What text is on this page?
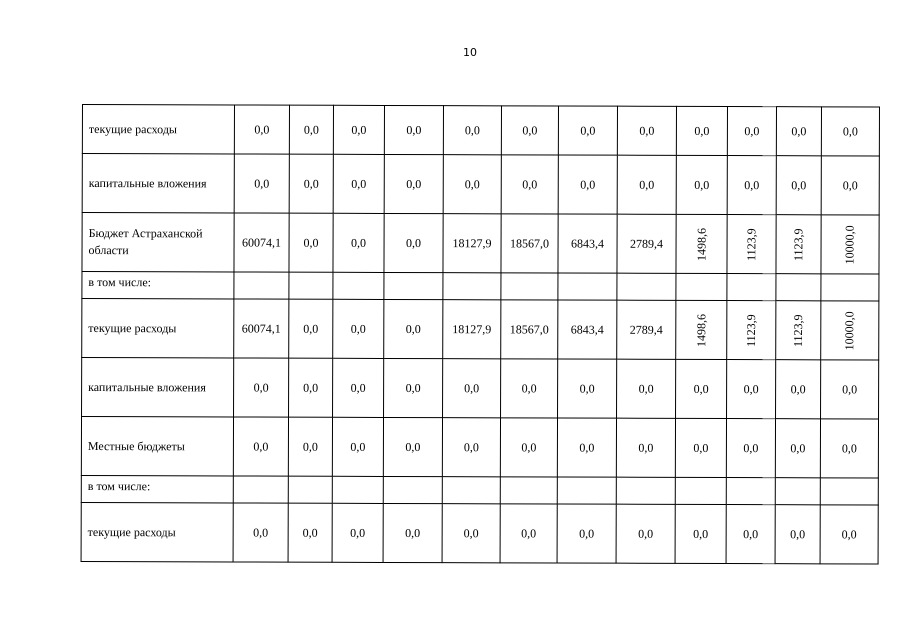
10
текущие расходы	0,0	0,0	0,0	0,0	0,0	0,0	0,0	0,0	0,0	0,0	0,0	0,0
капитальные вложения	0,0	0,0	0,0	0,0	0,0	0,0	0,0	0,0	0,0	0,0	0,0	0,0
Бюджет Астраханской области	60074,1	0,0	0,0	0,0	18127,9	18567,0	6843,4	2789,4	1498,6	1123,9	1123,9	10000,0
в том числе:												
текущие расходы	60074,1	0,0	0,0	0,0	18127,9	18567,0	6843,4	2789,4	1498,6	1123,9	1123,9	10000,0
капитальные вложения	0,0	0,0	0,0	0,0	0,0	0,0	0,0	0,0	0,0	0,0	0,0	0,0
Местные бюджеты	0,0	0,0	0,0	0,0	0,0	0,0	0,0	0,0	0,0	0,0	0,0	0,0
в том числе:												
текущие расходы	0,0	0,0	0,0	0,0	0,0	0,0	0,0	0,0	0,0	0,0	0,0	0,0
